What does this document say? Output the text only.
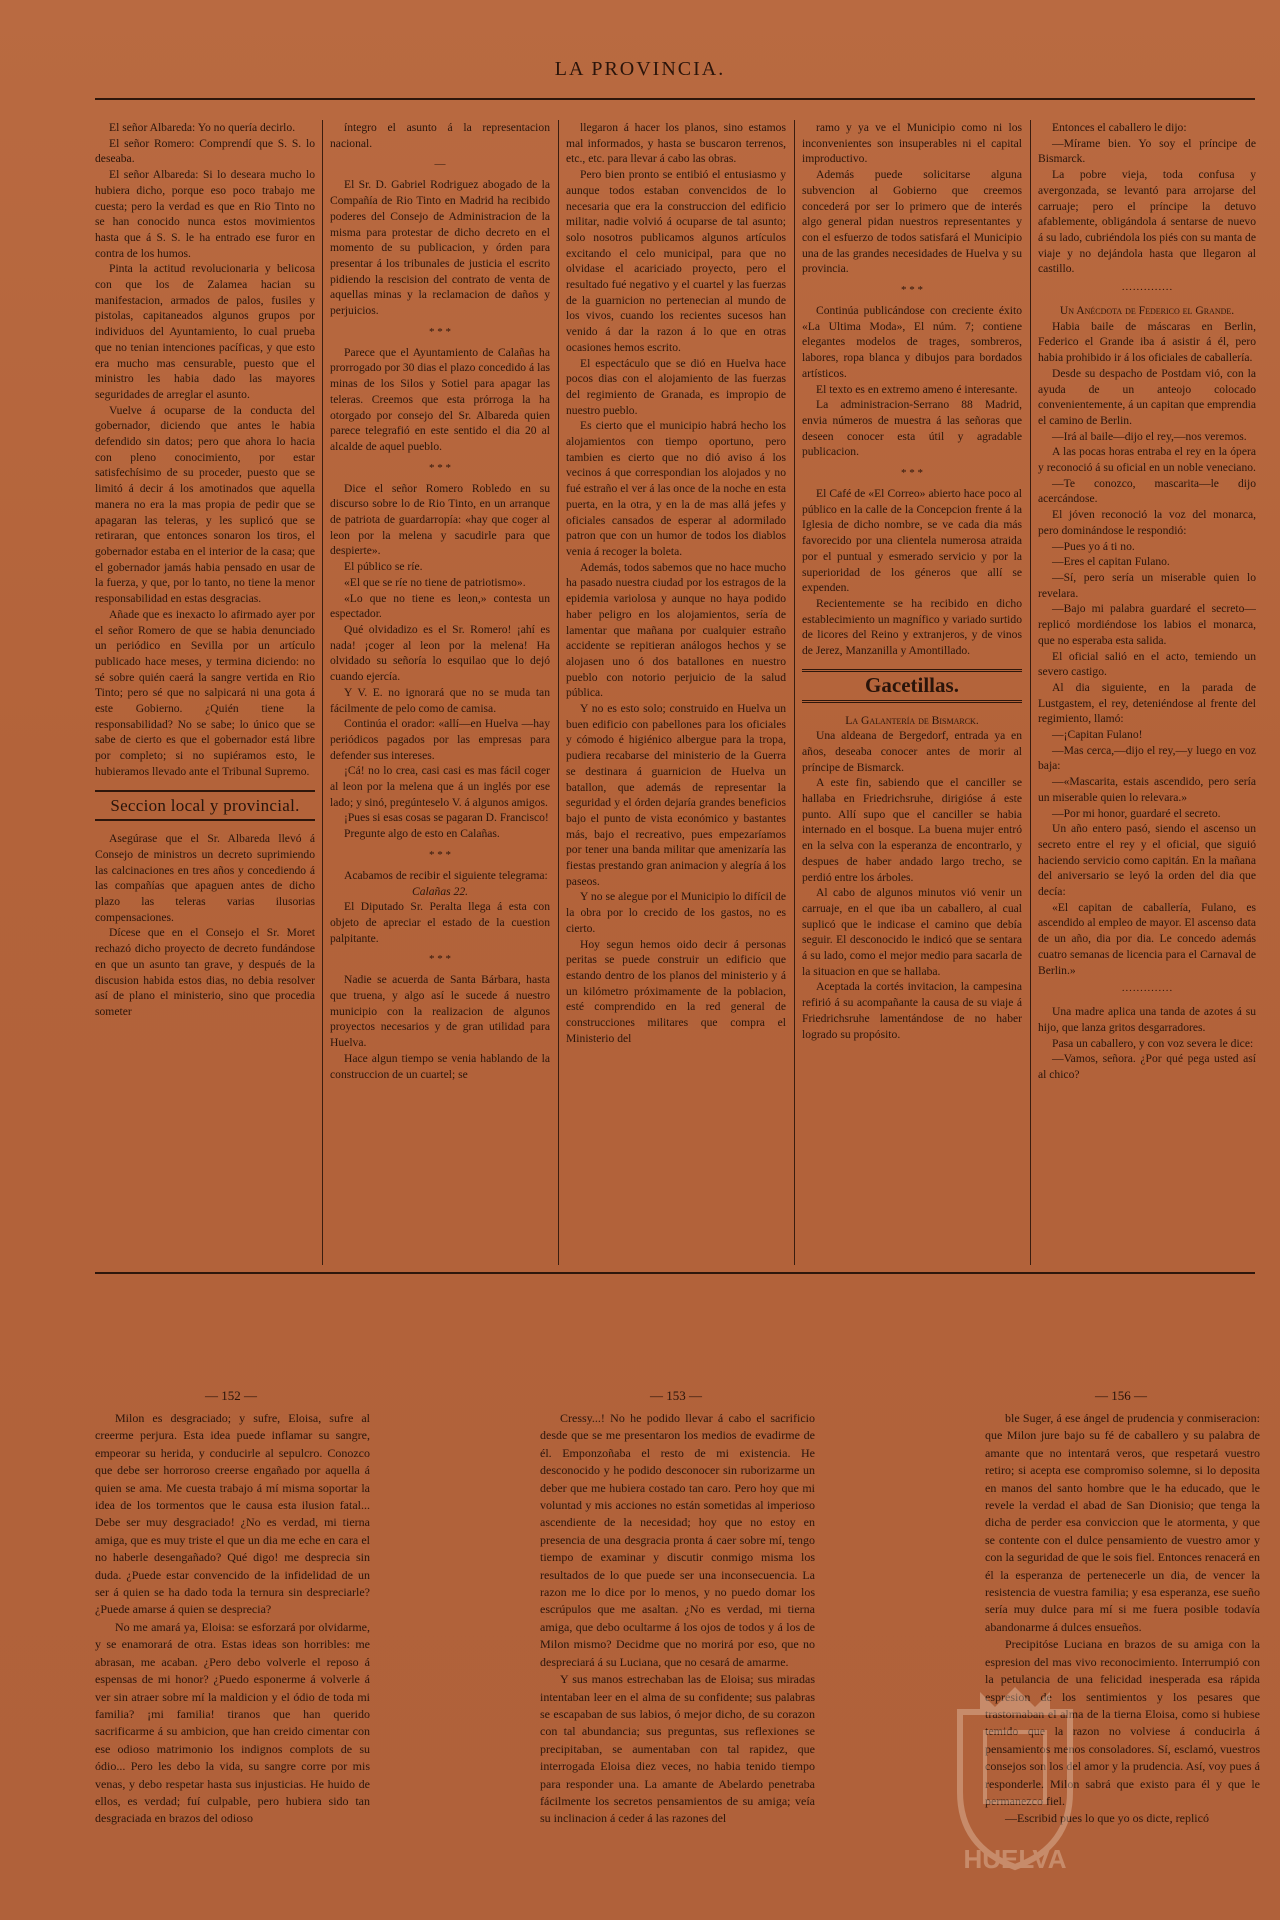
LA PROVINCIA.

El señor Albareda: Yo no quería decirlo.

El señor Romero: Comprendí que S. S. lo deseaba.

El señor Albareda: Si lo deseara mucho lo hubiera dicho, porque eso poco trabajo me cuesta; pero la verdad es que en Rio Tinto no se han conocido nunca estos movimientos hasta que á S. S. le ha entrado ese furor en contra de los humos.

Pinta la actitud revolucionaria y belicosa con que los de Zalamea hacian su manifestacion, armados de palos, fusiles y pistolas, capitaneados algunos grupos por individuos del Ayuntamiento, lo cual prueba que no tenian intenciones pacíficas, y que esto era mucho mas censurable, puesto que el ministro les habia dado las mayores seguridades de arreglar el asunto.

Vuelve á ocuparse de la conducta del gobernador, diciendo que antes le habia defendido sin datos; pero que ahora lo hacia con pleno conocimiento, por estar satisfechísimo de su proceder, puesto que se limitó á decir á los amotinados que aquella manera no era la mas propia de pedir que se apagaran las teleras, y les suplicó que se retiraran, que entonces sonaron los tiros, el gobernador estaba en el interior de la casa; que el gobernador jamás habia pensado en usar de la fuerza, y que, por lo tanto, no tiene la menor responsabilidad en estas desgracias.

Añade que es inexacto lo afirmado ayer por el señor Romero de que se habia denunciado un periódico en Sevilla por un artículo publicado hace meses, y termina diciendo: no sé sobre quién caerá la sangre vertida en Rio Tinto; pero sé que no salpicará ni una gota á este Gobierno. ¿Quién tiene la responsabilidad? No se sabe; lo único que se sabe de cierto es que el gobernador está libre por completo; si no supiéramos esto, le hubieramos llevado ante el Tribunal Supremo.

Seccion local y provincial.

Asegúrase que el Sr. Albareda llevó á Consejo de ministros un decreto suprimiendo las calcinaciones en tres años y concediendo á las compañías que apaguen antes de dicho plazo las teleras varias ilusorias compensaciones.

Dícese que en el Consejo el Sr. Moret rechazó dicho proyecto de decreto fundándose en que un asunto tan grave, y después de la discusion habida estos dias, no debia resolver así de plano el ministerio, sino que procedia someter

íntegro el asunto á la representacion nacional.

—

El Sr. D. Gabriel Rodriguez abogado de la Compañía de Rio Tinto en Madrid ha recibido poderes del Consejo de Administracion de la misma para protestar de dicho decreto en el momento de su publicacion, y órden para presentar á los tribunales de justicia el escrito pidiendo la rescision del contrato de venta de aquellas minas y la reclamacion de daños y perjuicios.

* * *

Parece que el Ayuntamiento de Calañas ha prorrogado por 30 dias el plazo concedido á las minas de los Silos y Sotiel para apagar las teleras. Creemos que esta prórroga la ha otorgado por consejo del Sr. Albareda quien parece telegrafió en este sentido el dia 20 al alcalde de aquel pueblo.

* * *

Dice el señor Romero Robledo en su discurso sobre lo de Rio Tinto, en un arranque de patriota de guardarropía: «hay que coger al leon por la melena y sacudirle para que despierte».

El público se ríe.

«El que se ríe no tiene de patriotismo».

«Lo que no tiene es leon,» contesta un espectador.

Qué olvidadizo es el Sr. Romero! ¡ahí es nada! ¡coger al leon por la melena! Ha olvidado su señoría lo esquilao que lo dejó cuando ejercía.

Y V. E. no ignorará que no se muda tan fácilmente de pelo como de camisa.

Continúa el orador: «allí—en Huelva —hay periódicos pagados por las empresas para defender sus intereses.

¡Cá! no lo crea, casi casi es mas fácil coger al leon por la melena que á un inglés por ese lado; y sinó, pregúnteselo V. á algunos amigos.

¡Pues si esas cosas se pagaran D. Francisco!

Pregunte algo de esto en Calañas.

* * *

Acabamos de recibir el siguiente telegrama:

Calañas 22.

El Diputado Sr. Peralta llega á esta con objeto de apreciar el estado de la cuestion palpitante.

* * *

Nadie se acuerda de Santa Bárbara, hasta que truena, y algo así le sucede á nuestro municipio con la realizacion de algunos proyectos necesarios y de gran utilidad para Huelva.

Hace algun tiempo se venia hablando de la construccion de un cuartel; se

llegaron á hacer los planos, sino estamos mal informados, y hasta se buscaron terrenos, etc., etc. para llevar á cabo las obras.

Pero bien pronto se entibió el entusiasmo y aunque todos estaban convencidos de lo necesaria que era la construccion del edificio militar, nadie volvió á ocuparse de tal asunto; solo nosotros publicamos algunos artículos excitando el celo municipal, para que no olvidase el acariciado proyecto, pero el resultado fué negativo y el cuartel y las fuerzas de la guarnicion no pertenecian al mundo de los vivos, cuando los recientes sucesos han venido á dar la razon á lo que en otras ocasiones hemos escrito.

El espectáculo que se dió en Huelva hace pocos dias con el alojamiento de las fuerzas del regimiento de Granada, es impropio de nuestro pueblo.

Es cierto que el municipio habrá hecho los alojamientos con tiempo oportuno, pero tambien es cierto que no dió aviso á los vecinos á que correspondian los alojados y no fué estraño el ver á las once de la noche en esta puerta, en la otra, y en la de mas allá jefes y oficiales cansados de esperar al adormilado patron que con un humor de todos los diablos venia á recoger la boleta.

Además, todos sabemos que no hace mucho ha pasado nuestra ciudad por los estragos de la epidemia variolosa y aunque no haya podido haber peligro en los alojamientos, sería de lamentar que mañana por cualquier estraño accidente se repitieran análogos hechos y se alojasen uno ó dos batallones en nuestro pueblo con notorio perjuicio de la salud pública.

Y no es esto solo; construido en Huelva un buen edificio con pabellones para los oficiales y cómodo é higiénico albergue para la tropa, pudiera recabarse del ministerio de la Guerra se destinara á guarnicion de Huelva un batallon, que además de representar la seguridad y el órden dejaría grandes beneficios bajo el punto de vista económico y bastantes más, bajo el recreativo, pues empezaríamos por tener una banda militar que amenizaría las fiestas prestando gran animacion y alegría á los paseos.

Y no se alegue por el Municipio lo difícil de la obra por lo crecido de los gastos, no es cierto.

Hoy segun hemos oido decir á personas peritas se puede construir un edificio que estando dentro de los planos del ministerio y á un kilómetro próximamente de la poblacion, esté comprendido en la red general de construcciones militares que compra el Ministerio del

ramo y ya ve el Municipio como ni los inconvenientes son insuperables ni el capital improductivo.

Además puede solicitarse alguna subvencion al Gobierno que creemos concederá por ser lo primero que de interés algo general pidan nuestros representantes y con el esfuerzo de todos satisfará el Municipio una de las grandes necesidades de Huelva y su provincia.

* * *

Continúa publicándose con creciente éxito «La Ultima Moda», El núm. 7; contiene elegantes modelos de trages, sombreros, labores, ropa blanca y dibujos para bordados artísticos.

El texto es en extremo ameno é interesante.

La administracion-Serrano 88 Madrid, envia números de muestra á las señoras que deseen conocer esta útil y agradable publicacion.

* * *

El Café de «El Correo» abierto hace poco al público en la calle de la Concepcion frente á la Iglesia de dicho nombre, se ve cada dia más favorecido por una clientela numerosa atraida por el puntual y esmerado servicio y por la superioridad de los géneros que allí se expenden.

Recientemente se ha recibido en dicho establecimiento un magnífico y variado surtido de licores del Reino y extranjeros, y de vinos de Jerez, Manzanilla y Amontillado.

Gacetillas.

La Galantería de Bismarck.

Una aldeana de Bergedorf, entrada ya en años, deseaba conocer antes de morir al príncipe de Bismarck.

A este fin, sabiendo que el canciller se hallaba en Friedrichsruhe, dirigióse á este punto. Allí supo que el canciller se habia internado en el bosque. La buena mujer entró en la selva con la esperanza de encontrarlo, y despues de haber andado largo trecho, se perdió entre los árboles.

Al cabo de algunos minutos vió venir un carruaje, en el que iba un caballero, al cual suplicó que le indicase el camino que debía seguir. El desconocido le indicó que se sentara á su lado, como el mejor medio para sacarla de la situacion en que se hallaba.

Aceptada la cortés invitacion, la campesina refirió á su acompañante la causa de su viaje á Friedrichsruhe lamentándose de no haber logrado su propósito.

Entonces el caballero le dijo:

—Mírame bien. Yo soy el príncipe de Bismarck.

La pobre vieja, toda confusa y avergonzada, se levantó para arrojarse del carruaje; pero el príncipe la detuvo afablemente, obligándola á sentarse de nuevo á su lado, cubriéndola los piés con su manta de viaje y no dejándola hasta que llegaron al castillo.

··············

Un Anécdota de Federico el Grande.

Habia baile de máscaras en Berlin, Federico el Grande iba á asistir á él, pero habia prohibido ir á los oficiales de caballería.

Desde su despacho de Postdam vió, con la ayuda de un anteojo colocado convenientemente, á un capitan que emprendia el camino de Berlin.

—Irá al baile—dijo el rey,—nos veremos.

A las pocas horas entraba el rey en la ópera y reconoció á su oficial en un noble veneciano.

—Te conozco, mascarita—le dijo acercándose.

El jóven reconoció la voz del monarca, pero dominándose le respondió:

—Pues yo á ti no.

—Eres el capitan Fulano.

—Sí, pero sería un miserable quien lo revelara.

—Bajo mi palabra guardaré el secreto—replicó mordiéndose los labios el monarca, que no esperaba esta salida.

El oficial salió en el acto, temiendo un severo castigo.

Al dia siguiente, en la parada de Lustgastem, el rey, deteniéndose al frente del regimiento, llamó:

—¡Capitan Fulano!

—Mas cerca,—dijo el rey,—y luego en voz baja:

—«Mascarita, estais ascendido, pero sería un miserable quien lo relevara.»

—Por mi honor, guardaré el secreto.

Un año entero pasó, siendo el ascenso un secreto entre el rey y el oficial, que siguió haciendo servicio como capitán. En la mañana del aniversario se leyó la orden del dia que decía:

«El capitan de caballería, Fulano, es ascendido al empleo de mayor. El ascenso data de un año, dia por dia. Le concedo además cuatro semanas de licencia para el Carnaval de Berlin.»

··············

Una madre aplica una tanda de azotes á su hijo, que lanza gritos desgarradores.

Pasa un caballero, y con voz severa le dice:

—Vamos, señora. ¿Por qué pega usted así al chico?

— 152 —	— 153 —	— 156 —

Milon es desgraciado; y sufre, Eloisa, sufre al creerme perjura. Esta idea puede inflamar su sangre, empeorar su herida, y conducirle al sepulcro. Conozco que debe ser horroroso creerse engañado por aquella á quien se ama. Me cuesta trabajo á mí misma soportar la idea de los tormentos que le causa esta ilusion fatal... Debe ser muy desgraciado! ¿No es verdad, mi tierna amiga, que es muy triste el que un dia me eche en cara el no haberle desengañado? Qué digo! me desprecia sin duda. ¿Puede estar convencido de la infidelidad de un ser á quien se ha dado toda la ternura sin despreciarle? ¿Puede amarse á quien se desprecia?

No me amará ya, Eloisa: se esforzará por olvidarme, y se enamorará de otra. Estas ideas son horribles: me abrasan, me acaban. ¿Pero debo volverle el reposo á espensas de mi honor? ¿Puedo esponerme á volverle á ver sin atraer sobre mí la maldicion y el ódio de toda mi familia? ¡mi familia! tiranos que han querido sacrificarme á su ambicion, que han creido cimentar con ese odioso matrimonio los indignos complots de su ódio... Pero les debo la vida, su sangre corre por mis venas, y debo respetar hasta sus injusticias. He huido de ellos, es verdad; fuí culpable, pero hubiera sido tan desgraciada en brazos del odioso

Cressy...! No he podido llevar á cabo el sacrificio desde que se me presentaron los medios de evadirme de él. Emponzoñaba el resto de mi existencia. He desconocido y he podido desconocer sin ruborizarme un deber que me hubiera costado tan caro. Pero hoy que mi voluntad y mis acciones no están sometidas al imperioso ascendiente de la necesidad; hoy que no estoy en presencia de una desgracia pronta á caer sobre mí, tengo tiempo de examinar y discutir conmigo misma los resultados de lo que puede ser una inconsecuencia. La razon me lo dice por lo menos, y no puedo domar los escrúpulos que me asaltan. ¿No es verdad, mi tierna amiga, que debo ocultarme á los ojos de todos y á los de Milon mismo? Decidme que no morirá por eso, que no despreciará á su Luciana, que no cesará de amarme.

Y sus manos estrechaban las de Eloisa; sus miradas intentaban leer en el alma de su confidente; sus palabras se escapaban de sus labios, ó mejor dicho, de su corazon con tal abundancia; sus preguntas, sus reflexiones se precipitaban, se aumentaban con tal rapidez, que interrogada Eloisa diez veces, no habia tenido tiempo para responder una. La amante de Abelardo penetraba fácilmente los secretos pensamientos de su amiga; veía su inclinacion á ceder á las razones del

ble Suger, á ese ángel de prudencia y conmiseracion: que Milon jure bajo su fé de caballero y su palabra de amante que no intentará veros, que respetará vuestro retiro; si acepta ese compromiso solemne, si lo deposita en manos del santo hombre que le ha educado, que le revele la verdad el abad de San Dionisio; que tenga la dicha de perder esa conviccion que le atormenta, y que se contente con el dulce pensamiento de vuestro amor y con la seguridad de que le sois fiel. Entonces renacerá en él la esperanza de pertenecerle un dia, de vencer la resistencia de vuestra familia; y esa esperanza, ese sueño sería muy dulce para mí si me fuera posible todavía abandonarme á dulces ensueños.

Precipitóse Luciana en brazos de su amiga con la espresion del mas vivo reconocimiento. Interrumpió con la petulancia de una felicidad inesperada esa rápida espresion de los sentimientos y los pesares que trastornaban el alma de la tierna Eloisa, como si hubiese temido que la razon no volviese á conducirla á pensamientos menos consoladores. Sí, esclamó, vuestros consejos son los del amor y la prudencia. Así, voy pues á responderle. Milon sabrá que existo para él y que le permanezco fiel.

—Escribid pues lo que yo os dicte, replicó

HUELVA
